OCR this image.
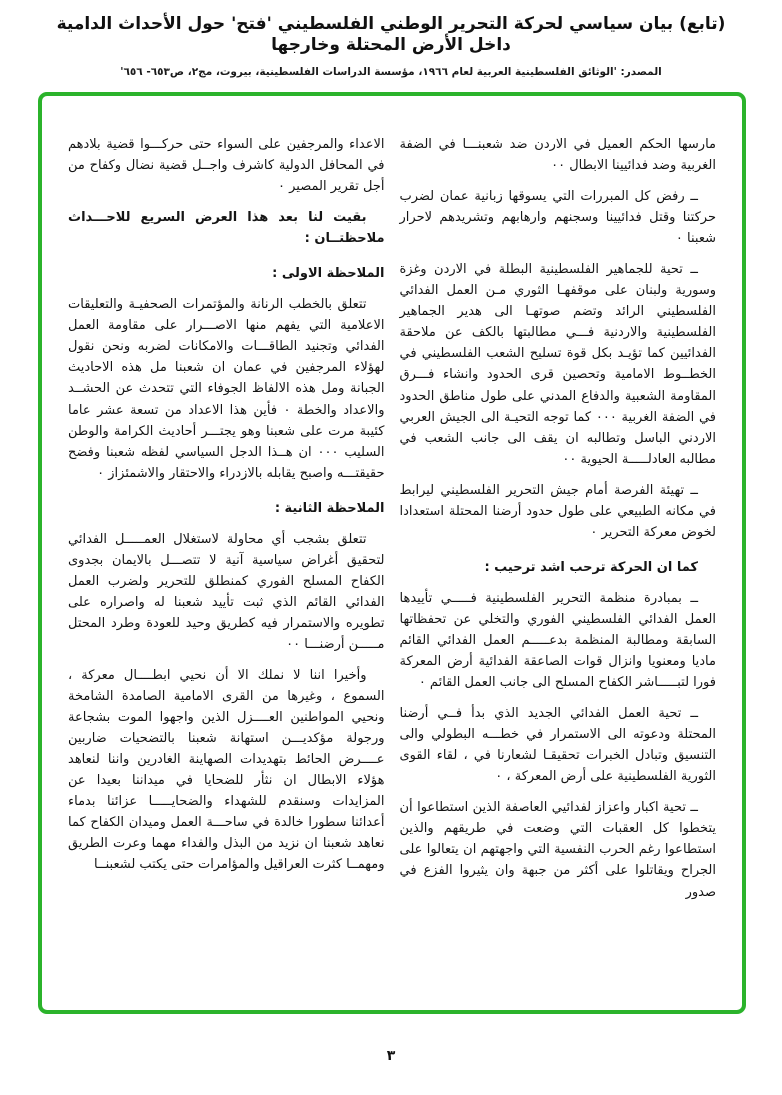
(تابع) بيان سياسي لحركة التحرير الوطني الفلسطيني 'فتح' حول الأحداث الدامية داخل الأرض المحتلة وخارجها
المصدر: 'الوثائق الفلسطينية العربية لعام ١٩٦٦، مؤسسة الدراسات الفلسطينية، بيروت، مج٢، ص٦٥٣- ٦٥٦'

مارسها الحكم العميل في الاردن ضد شعبنـــا في الضفة الغربية وضد فدائيينا الابطال ٠٠

ــ رفض كل المبررات التي يسوقها زبانية عمان لضرب حركتنا وقتل فدائيينا وسجنهم وارهابهم وتشريدهم لاحرار شعبنا ٠

ــ تحية للجماهير الفلسطينية البطلة في الاردن وغزة وسورية ولبنان على موقفهـا الثوري مـن العمل الفدائي الفلسطيني الرائد وتضم صوتهـا الى هدير الجماهير الفلسطينية والاردنية فـــي مطالبتها بالكف عن ملاحقة الفدائيين كما تؤيـد بكل قوة تسليح الشعب الفلسطيني في الخطــوط الامامية وتحصين قرى الحدود وانشاء فـــرق المقاومة الشعبية والدفاع المدني على طول مناطق الحدود في الضفة الغربية ٠٠٠ كما توجه التحيـة الى الجيش العربي الاردني الباسل وتطالبه ان يقف الى جانب الشعب في مطالبه العادلـــــة الحيوية ٠٠

ــ تهيئة الفرصة أمام جيش التحرير الفلسطيني ليرابط في مكانه الطبيعي على طول حدود أرضنا المحتلة استعدادا لخوض معركة التحرير ٠

كما ان الحركة ترحب اشد ترحيب :

ــ بمبادرة منظمة التحرير الفلسطينية فـــــي تأييدها العمل الفدائي الفلسطيني الفوري والتخلي عن تحفظاتها السابقة ومطالبة المنظمة بدعـــــم العمل الفدائي القائم ماديا ومعنويا وانزال قوات الصاعقة الفدائية أرض المعركة فورا لتبـــــاشر الكفاح المسلح الى جانب العمل القائم ٠

ــ تحية العمل الفدائي الجديد الذي بدأ فــي أرضنا المحتلة ودعوته الى الاستمرار في خطـــه البطولي والى التنسيق وتبادل الخبرات تحقيقـا لشعارنا في ، لقاء القوى الثورية الفلسطينية على أرض المعركة ، ٠

ــ تحية اكبار واعزاز لفدائيي العاصفة الذين استطاعوا أن يتخطوا كل العقبات التي وضعت في طريقهم والذين استطاعوا رغم الحرب النفسية التي واجهتهم ان يتعالوا على الجراح ويقاتلوا على أكثر من جبهة وان يثيروا الفزع في صدور

الاعداء والمرجفين على السواء حتى حركـــوا قضية بلادهم في المحافل الدولية كاشرف واجــل قضية نضال وكفاح من أجل تقرير المصير ٠

بقيت لنا بعد هذا العرض السريع للاحـــداث ملاحظتــان :

الملاحظة الاولى :

تتعلق بالخطب الرنانة والمؤتمرات الصحفيـة والتعليقات الاعلامية التي يفهم منها الاصـــرار على مقاومة العمل الفدائي وتجنيد الطاقـــات والامكانات لضربه ونحن نقول لهؤلاء المرجفين في عمان ان شعبنا مل هذه الاحاديث الجبانة ومل هذه الالفاظ الجوفاء التي تتحدث عن الحشــد والاعداد والخطة ٠ فأين هذا الاعداد من تسعة عشر عاما كئيبة مرت على شعبنا وهو يجتـــر أحاديث الكرامة والوطن السليب ٠٠٠ ان هــذا الدجل السياسي لفظه شعبنا وفضح حقيقتـــه واصبح يقابله بالازدراء والاحتقار والاشمئزاز ٠

الملاحظة الثانية :

تتعلق بشجب أي محاولة لاستغلال العمـــــل الفدائي لتحقيق أغراض سياسية آنية لا تتصـــل بالايمان بجدوى الكفاح المسلح الفوري كمنطلق للتحرير ولضرب العمل الفدائي القائم الذي ثبت تأييد شعبنا له واصراره على تطويره والاستمرار فيه كطريق وحيد للعودة وطرد المحتل مـــــن أرضنـــا ٠٠

وأخيرا اننا لا نملك الا أن نحيي ابطــــال معركة ، السموع ، وغيرها من القرى الامامية الصامدة الشامخة ونحيي المواطنين العــــزل الذين واجهوا الموت بشجاعة ورجولة مؤكديـــن استهانة شعبنا بالتضحيات ضاربين عــــرض الحائط بتهديدات الصهاينة الغادرين واننا لنعاهد هؤلاء الابطال ان نثأر للضحايا في ميداننا بعيدا عن المزايدات وسنقدم للشهداء والضحايـــــا عزائنا بدماء أعدائنا سطورا خالدة في ساحـــة العمل وميدان الكفاح كما نعاهد شعبنا ان نزيد من البذل والفداء مهما وعرت الطريق ومهمــا كثرت العراقيل والمؤامرات حتى يكتب لشعبنــا

٣
